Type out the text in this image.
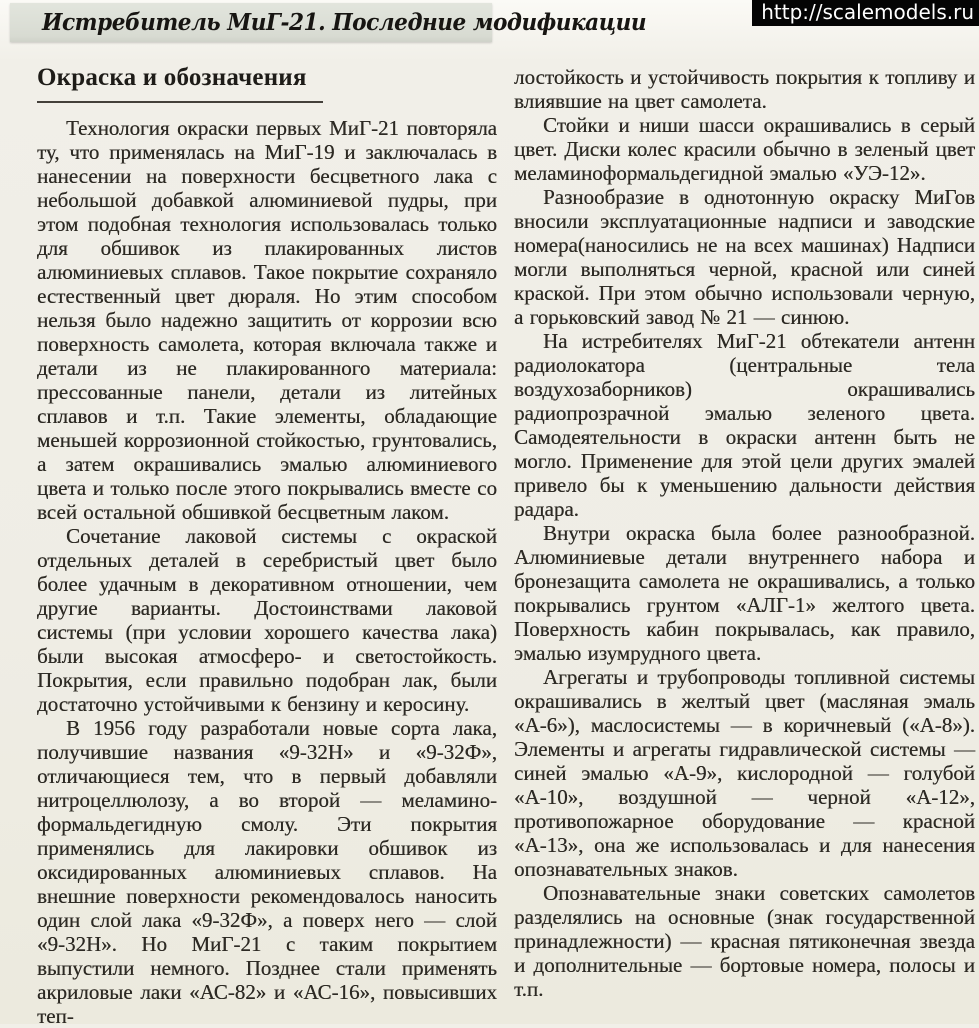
Истребитель МиГ-21. Последние модификации	http://scalemodels.ru
Окраска и обозначения

Технология окраски первых МиГ-21 повторяла ту, что применялась на МиГ-19 и заключалась в нанесении на поверхности бесцветного лака с небольшой добавкой алюминиевой пудры, при этом подобная технология использовалась только для обшивок из плакированных листов алюминиевых сплавов. Такое покрытие сохраняло естественный цвет дюраля. Но этим способом нельзя было надежно защитить от коррозии всю поверхность самолета, которая включала также и детали из не плакированного материала: прессованные панели, детали из литейных сплавов и т.п. Такие элементы, обладающие меньшей коррозионной стойкостью, грунтовались, а затем окрашивались эмалью алюминиевого цвета и только после этого покрывались вместе со всей остальной обшивкой бесцветным лаком.

Сочетание лаковой системы с окраской отдельных деталей в серебристый цвет было более удачным в декоративном отношении, чем другие варианты. Достоинствами лаковой системы (при условии хорошего качества лака) были высокая атмосферо- и светостойкость. Покрытия, если правильно подобран лак, были достаточно устойчивыми к бензину и керосину.

В 1956 году разработали новые сорта лака, получившие названия «9-32Н» и «9-32Ф», отличающиеся тем, что в первый добавляли нитроцеллюлозу, а во второй — меламино-формальдегидную смолу. Эти покрытия применялись для лакировки обшивок из оксидированных алюминиевых сплавов. На внешние поверхности рекомендовалось наносить один слой лака «9-32Ф», а поверх него — слой «9-32Н». Но МиГ-21 с таким покрытием выпустили немного. Позднее стали применять акриловые лаки «АС-82» и «АС-16», повысивших теп-

лостойкость и устойчивость покрытия к топливу и влиявшие на цвет самолета.

Стойки и ниши шасси окрашивались в серый цвет. Диски колес красили обычно в зеленый цвет меламиноформальдегидной эмалью «УЭ-12».

Разнообразие в однотонную окраску МиГов вносили эксплуатационные надписи и заводские номера(наносились не на всех машинах) Надписи могли выполняться черной, красной или синей краской. При этом обычно использовали черную, а горьковский завод № 21 — синюю.

На истребителях МиГ-21 обтекатели антенн радиолокатора (центральные тела воздухозаборников) окрашивались радиопрозрачной эмалью зеленого цвета. Самодеятельности в окраски антенн быть не могло. Применение для этой цели других эмалей привело бы к уменьшению дальности действия радара.

Внутри окраска была более разнообразной. Алюминиевые детали внутреннего набора и бронезащита самолета не окрашивались, а только покрывались грунтом «АЛГ-1» желтого цвета. Поверхность кабин покрывалась, как правило, эмалью изумрудного цвета.

Агрегаты и трубопроводы топливной системы окрашивались в желтый цвет (масляная эмаль «А-6»), маслосистемы — в коричневый («А-8»). Элементы и агрегаты гидравлической системы — синей эмалью «А-9», кислородной — голубой «А-10», воздушной — черной «А-12», противопожарное оборудование — красной «А-13», она же использовалась и для нанесения опознавательных знаков.

Опознавательные знаки советских самолетов разделялись на основные (знак государственной принадлежности) — красная пятиконечная звезда и дополнительные — бортовые номера, полосы и т.п.
